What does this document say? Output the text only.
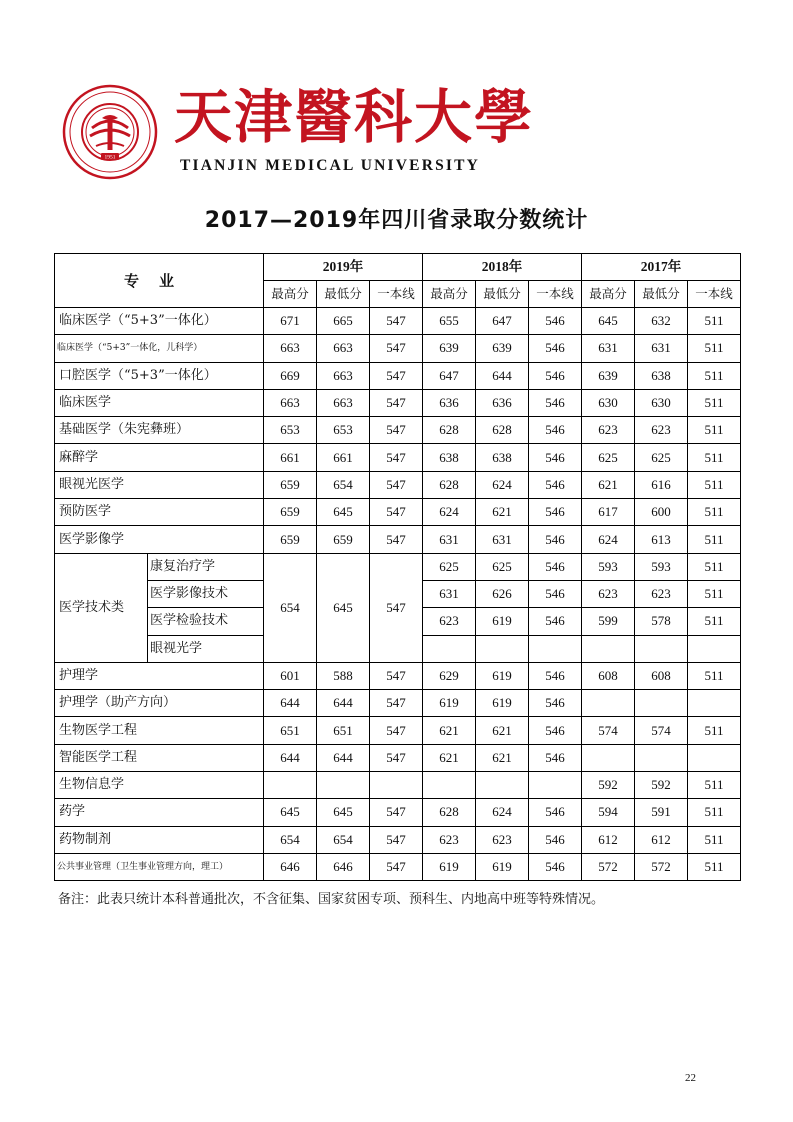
1951
天津醫科大學
TIANJIN MEDICAL UNIVERSITY
2017—2019年四川省录取分数统计
专业		2019年			2018年			2017年		
		最高分	最低分	一本线	最高分	最低分	一本线	最高分	最低分	一本线
临床医学（“5+3”一体化）		671	665	547	655	647	546	645	632	511
临床医学（“5+3”一体化，儿科学）		663	663	547	639	639	546	631	631	511
口腔医学（“5+3”一体化）		669	663	547	647	644	546	639	638	511
临床医学		663	663	547	636	636	546	630	630	511
基础医学（朱宪彝班）		653	653	547	628	628	546	623	623	511
麻醉学		661	661	547	638	638	546	625	625	511
眼视光医学		659	654	547	628	624	546	621	616	511
预防医学		659	645	547	624	621	546	617	600	511
医学影像学		659	659	547	631	631	546	624	613	511
医学技术类	康复治疗学	654	645	547	625	625	546	593	593	511
	医学影像技术				631	626	546	623	623	511
	医学检验技术				623	619	546	599	578	511
	眼视光学									
护理学		601	588	547	629	619	546	608	608	511
护理学（助产方向）		644	644	547	619	619	546			
生物医学工程		651	651	547	621	621	546	574	574	511
智能医学工程		644	644	547	621	621	546			
生物信息学								592	592	511
药学		645	645	547	628	624	546	594	591	511
药物制剂		654	654	547	623	623	546	612	612	511
公共事业管理（卫生事业管理方向，理工）		646	646	547	619	619	546	572	572	511
备注：此表只统计本科普通批次，不含征集、国家贫困专项、预科生、内地高中班等特殊情况。
22
